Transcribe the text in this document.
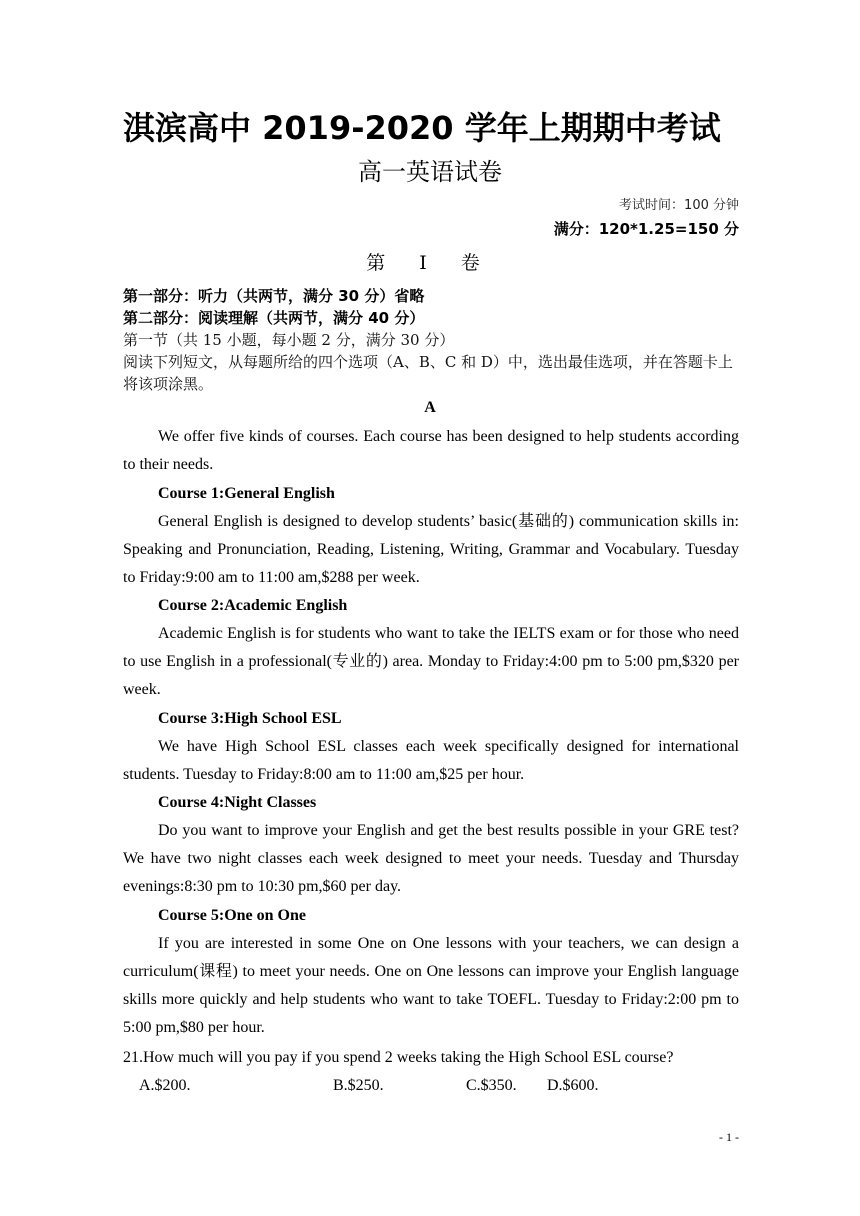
淇滨高中 2019-2020 学年上期期中考试
高一英语试卷
考试时间：100 分钟
满分：120*1.25=150 分
第 Ⅰ 卷
第一部分：听力（共两节，满分 30 分）省略
第二部分：阅读理解（共两节，满分 40 分）
第一节（共 15 小题，每小题 2 分，满分 30 分）
阅读下列短文，从每题所给的四个选项（A、B、C 和 D）中，选出最佳选项，并在答题卡上将该项涂黑。
A
We offer five kinds of courses. Each course has been designed to help students according to their needs.
Course 1:General English
General English is designed to develop students’ basic(基础的) communication skills in: Speaking and Pronunciation, Reading, Listening, Writing, Grammar and Vocabulary. Tuesday to Friday:9:00 am to 11:00 am,$288 per week.
Course 2:Academic English
Academic English is for students who want to take the IELTS exam or for those who need to use English in a professional(专业的) area. Monday to Friday:4:00 pm to 5:00 pm,$320 per week.
Course 3:High School ESL
We have High School ESL classes each week specifically designed for international students. Tuesday to Friday:8:00 am to 11:00 am,$25 per hour.
Course 4:Night Classes
Do you want to improve your English and get the best results possible in your GRE test? We have two night classes each week designed to meet your needs. Tuesday and Thursday evenings:8:30 pm to 10:30 pm,$60 per day.
Course 5:One on One
If you are interested in some One on One lessons with your teachers, we can design a curriculum(课程) to meet your needs. One on One lessons can improve your English language skills more quickly and help students who want to take TOEFL. Tuesday to Friday:2:00 pm to 5:00 pm,$80 per hour.
21.How much will you pay if you spend 2 weeks taking the High School ESL course?
A.$200.	B.$250.	C.$350. D.$600.
- 1 -
